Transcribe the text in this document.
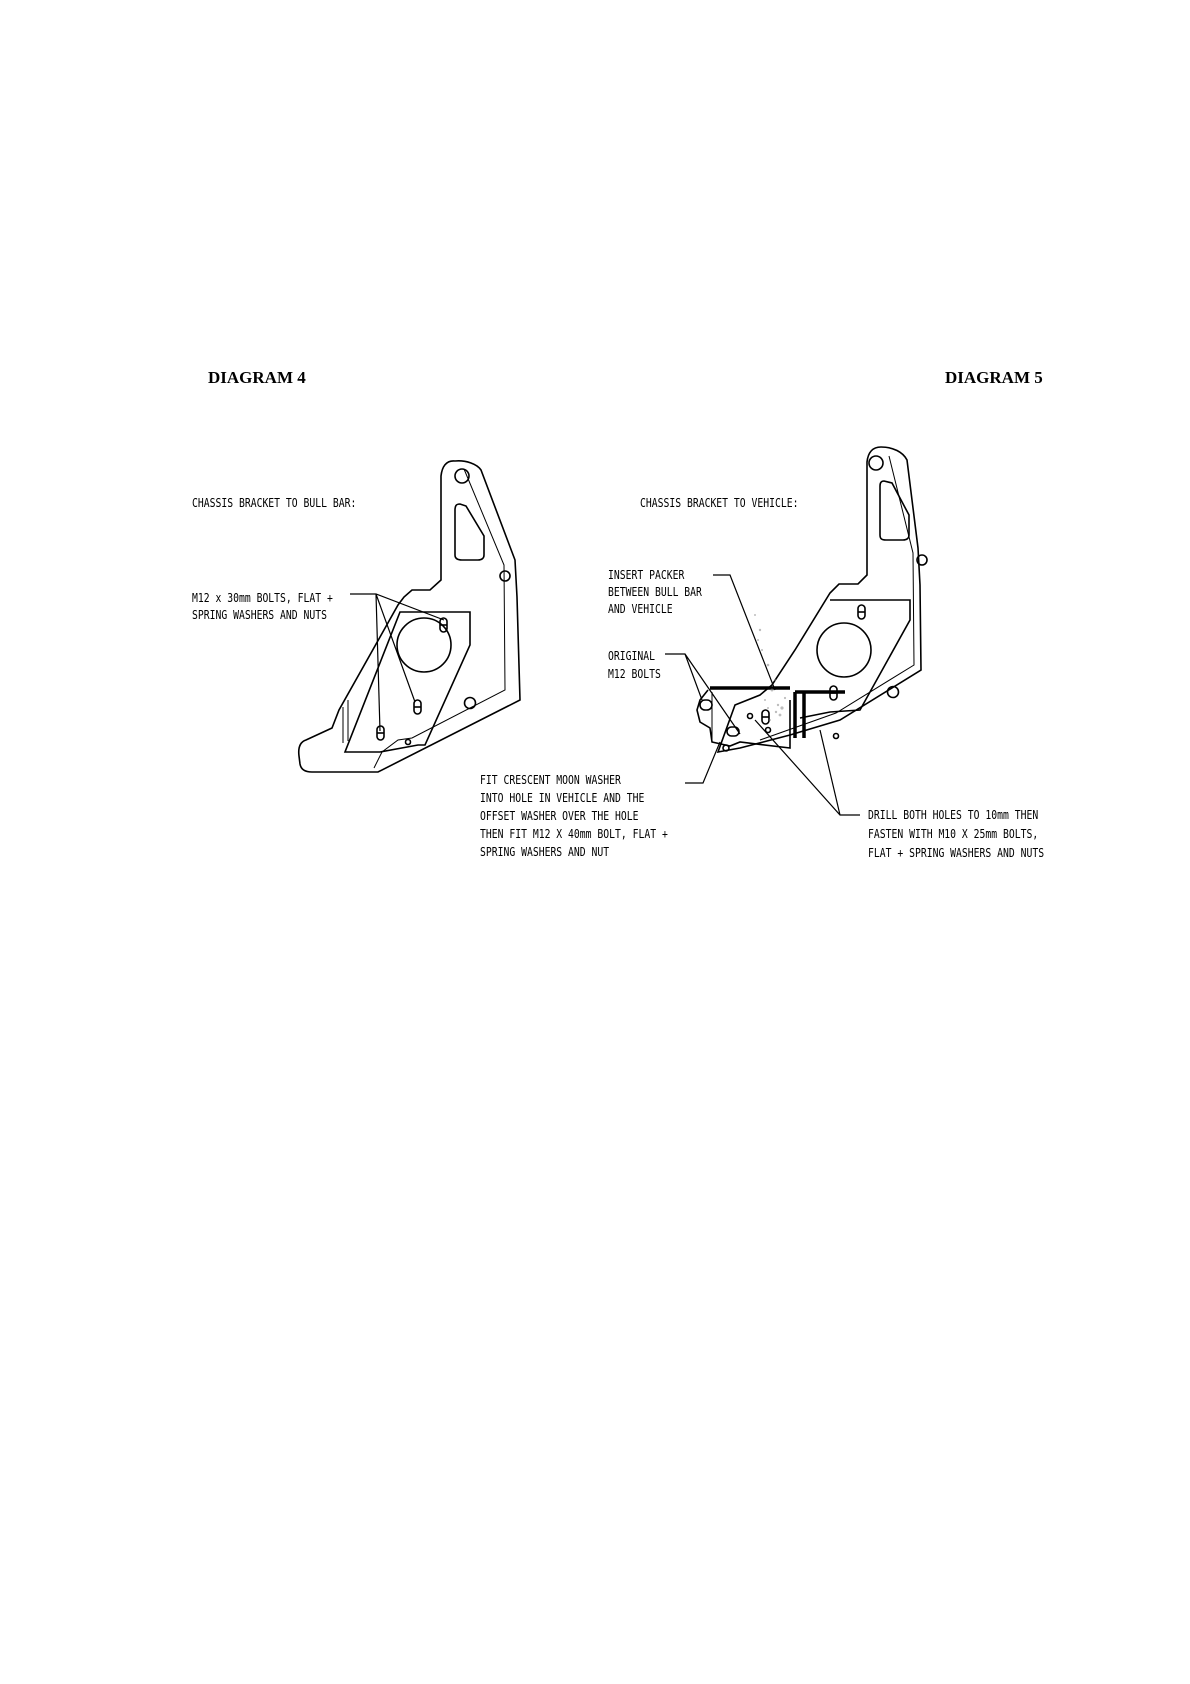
DIAGRAM 4	DIAGRAM 5
CHASSIS BRACKET TO BULL BAR:
M12 x 30mm BOLTS, FLAT +
SPRING WASHERS AND NUTS
CHASSIS BRACKET TO VEHICLE:
INSERT PACKER
BETWEEN BULL BAR
AND VEHICLE
ORIGINAL
M12 BOLTS
FIT CRESCENT MOON WASHER
INTO HOLE IN VEHICLE AND THE
OFFSET WASHER OVER THE HOLE
THEN FIT M12 X 40mm BOLT, FLAT +
SPRING WASHERS AND NUT
DRILL BOTH HOLES TO 10mm THEN
FASTEN WITH M10 X 25mm BOLTS,
FLAT + SPRING WASHERS AND NUTS
